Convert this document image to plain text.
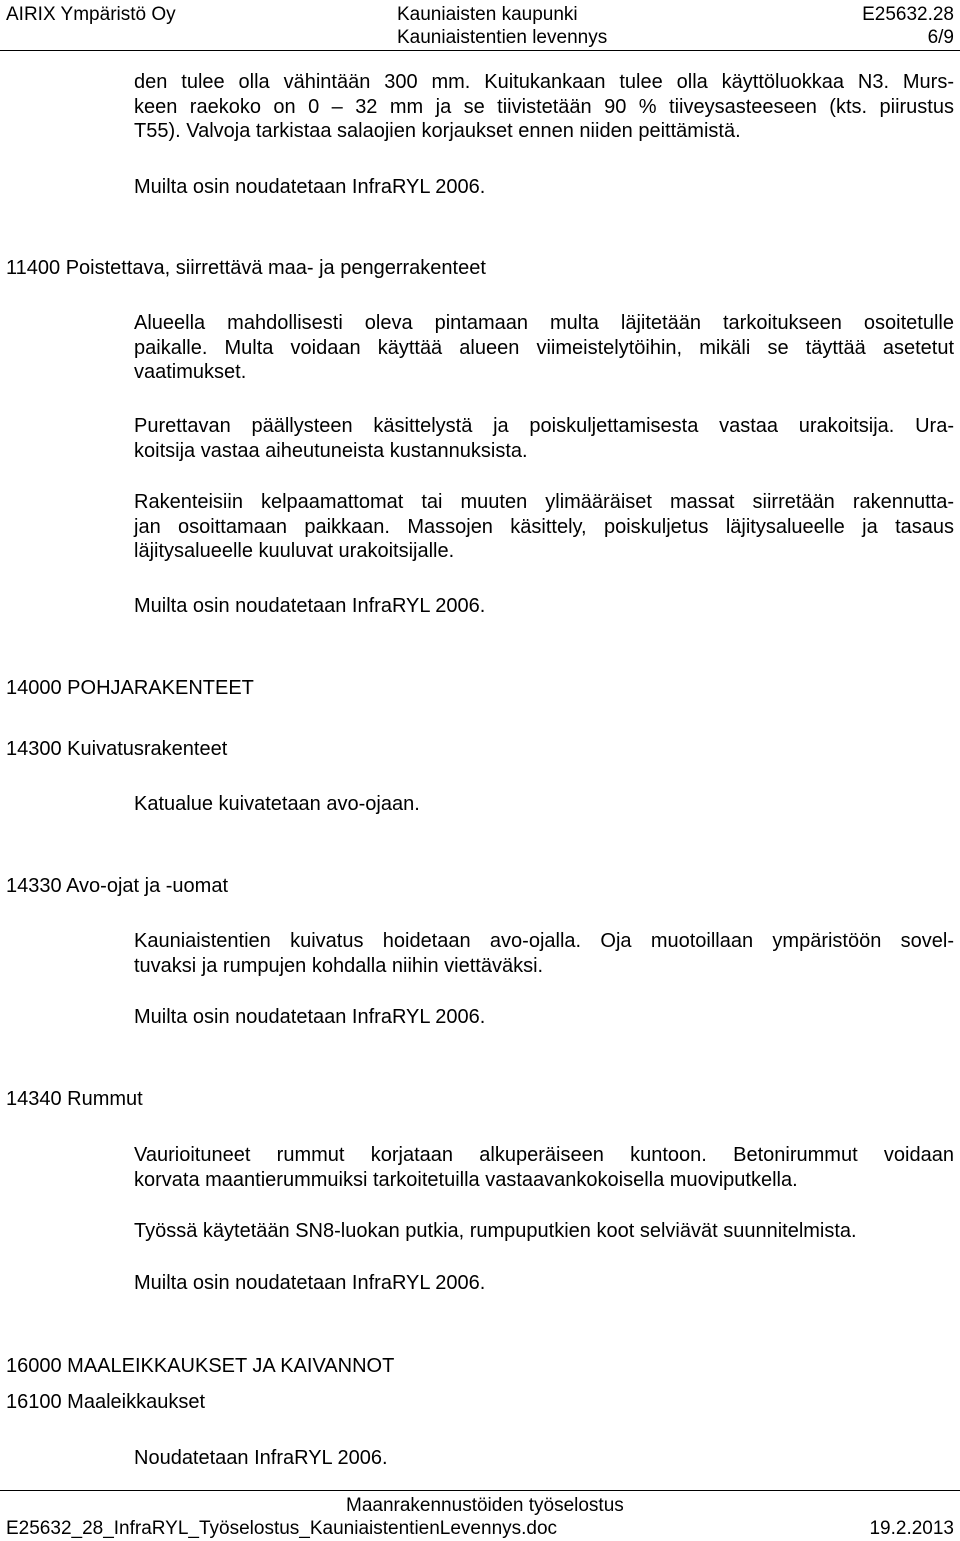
AIRIX Ympäristö Oy	Kauniaisten kaupunki
Kauniaistentien levennys
E25632.28
6/9
den tulee olla vähintään 300 mm. Kuitukankaan tulee olla käyttöluokkaa N3. Murs-
keen raekoko on 0 – 32 mm ja se tiivistetään 90 % tiiveysasteeseen (kts. piirustus
T55). Valvoja tarkistaa salaojien korjaukset ennen niiden peittämistä.
Muilta osin noudatetaan InfraRYL 2006.
11400 Poistettava, siirrettävä maa- ja pengerrakenteet
Alueella mahdollisesti oleva pintamaan multa läjitetään tarkoitukseen osoitetulle
paikalle. Multa voidaan käyttää alueen viimeistelytöihin, mikäli se täyttää asetetut
vaatimukset.
Purettavan päällysteen käsittelystä ja poiskuljettamisesta vastaa urakoitsija. Ura-
koitsija vastaa aiheutuneista kustannuksista.
Rakenteisiin kelpaamattomat tai muuten ylimääräiset massat siirretään rakennutta-
jan osoittamaan paikkaan. Massojen käsittely, poiskuljetus läjitysalueelle ja tasaus
läjitysalueelle kuuluvat urakoitsijalle.
Muilta osin noudatetaan InfraRYL 2006.
14000 POHJARAKENTEET
14300 Kuivatusrakenteet
Katualue kuivatetaan avo-ojaan.
14330 Avo-ojat ja -uomat
Kauniaistentien kuivatus hoidetaan avo-ojalla. Oja muotoillaan ympäristöön sovel-
tuvaksi ja rumpujen kohdalla niihin viettäväksi.
Muilta osin noudatetaan InfraRYL 2006.
14340 Rummut
Vaurioituneet rummut korjataan alkuperäiseen kuntoon. Betonirummut voidaan
korvata maantierummuiksi tarkoitetuilla vastaavankokoisella muoviputkella.
Työssä käytetään SN8-luokan putkia, rumpuputkien koot selviävät suunnitelmista.
Muilta osin noudatetaan InfraRYL 2006.
16000 MAALEIKKAUKSET JA KAIVANNOT
16100 Maaleikkaukset
Noudatetaan InfraRYL 2006.
Maanrakennustöiden työselostus
E25632_28_InfraRYL_Työselostus_KauniaistentienLevennys.doc	19.2.2013
